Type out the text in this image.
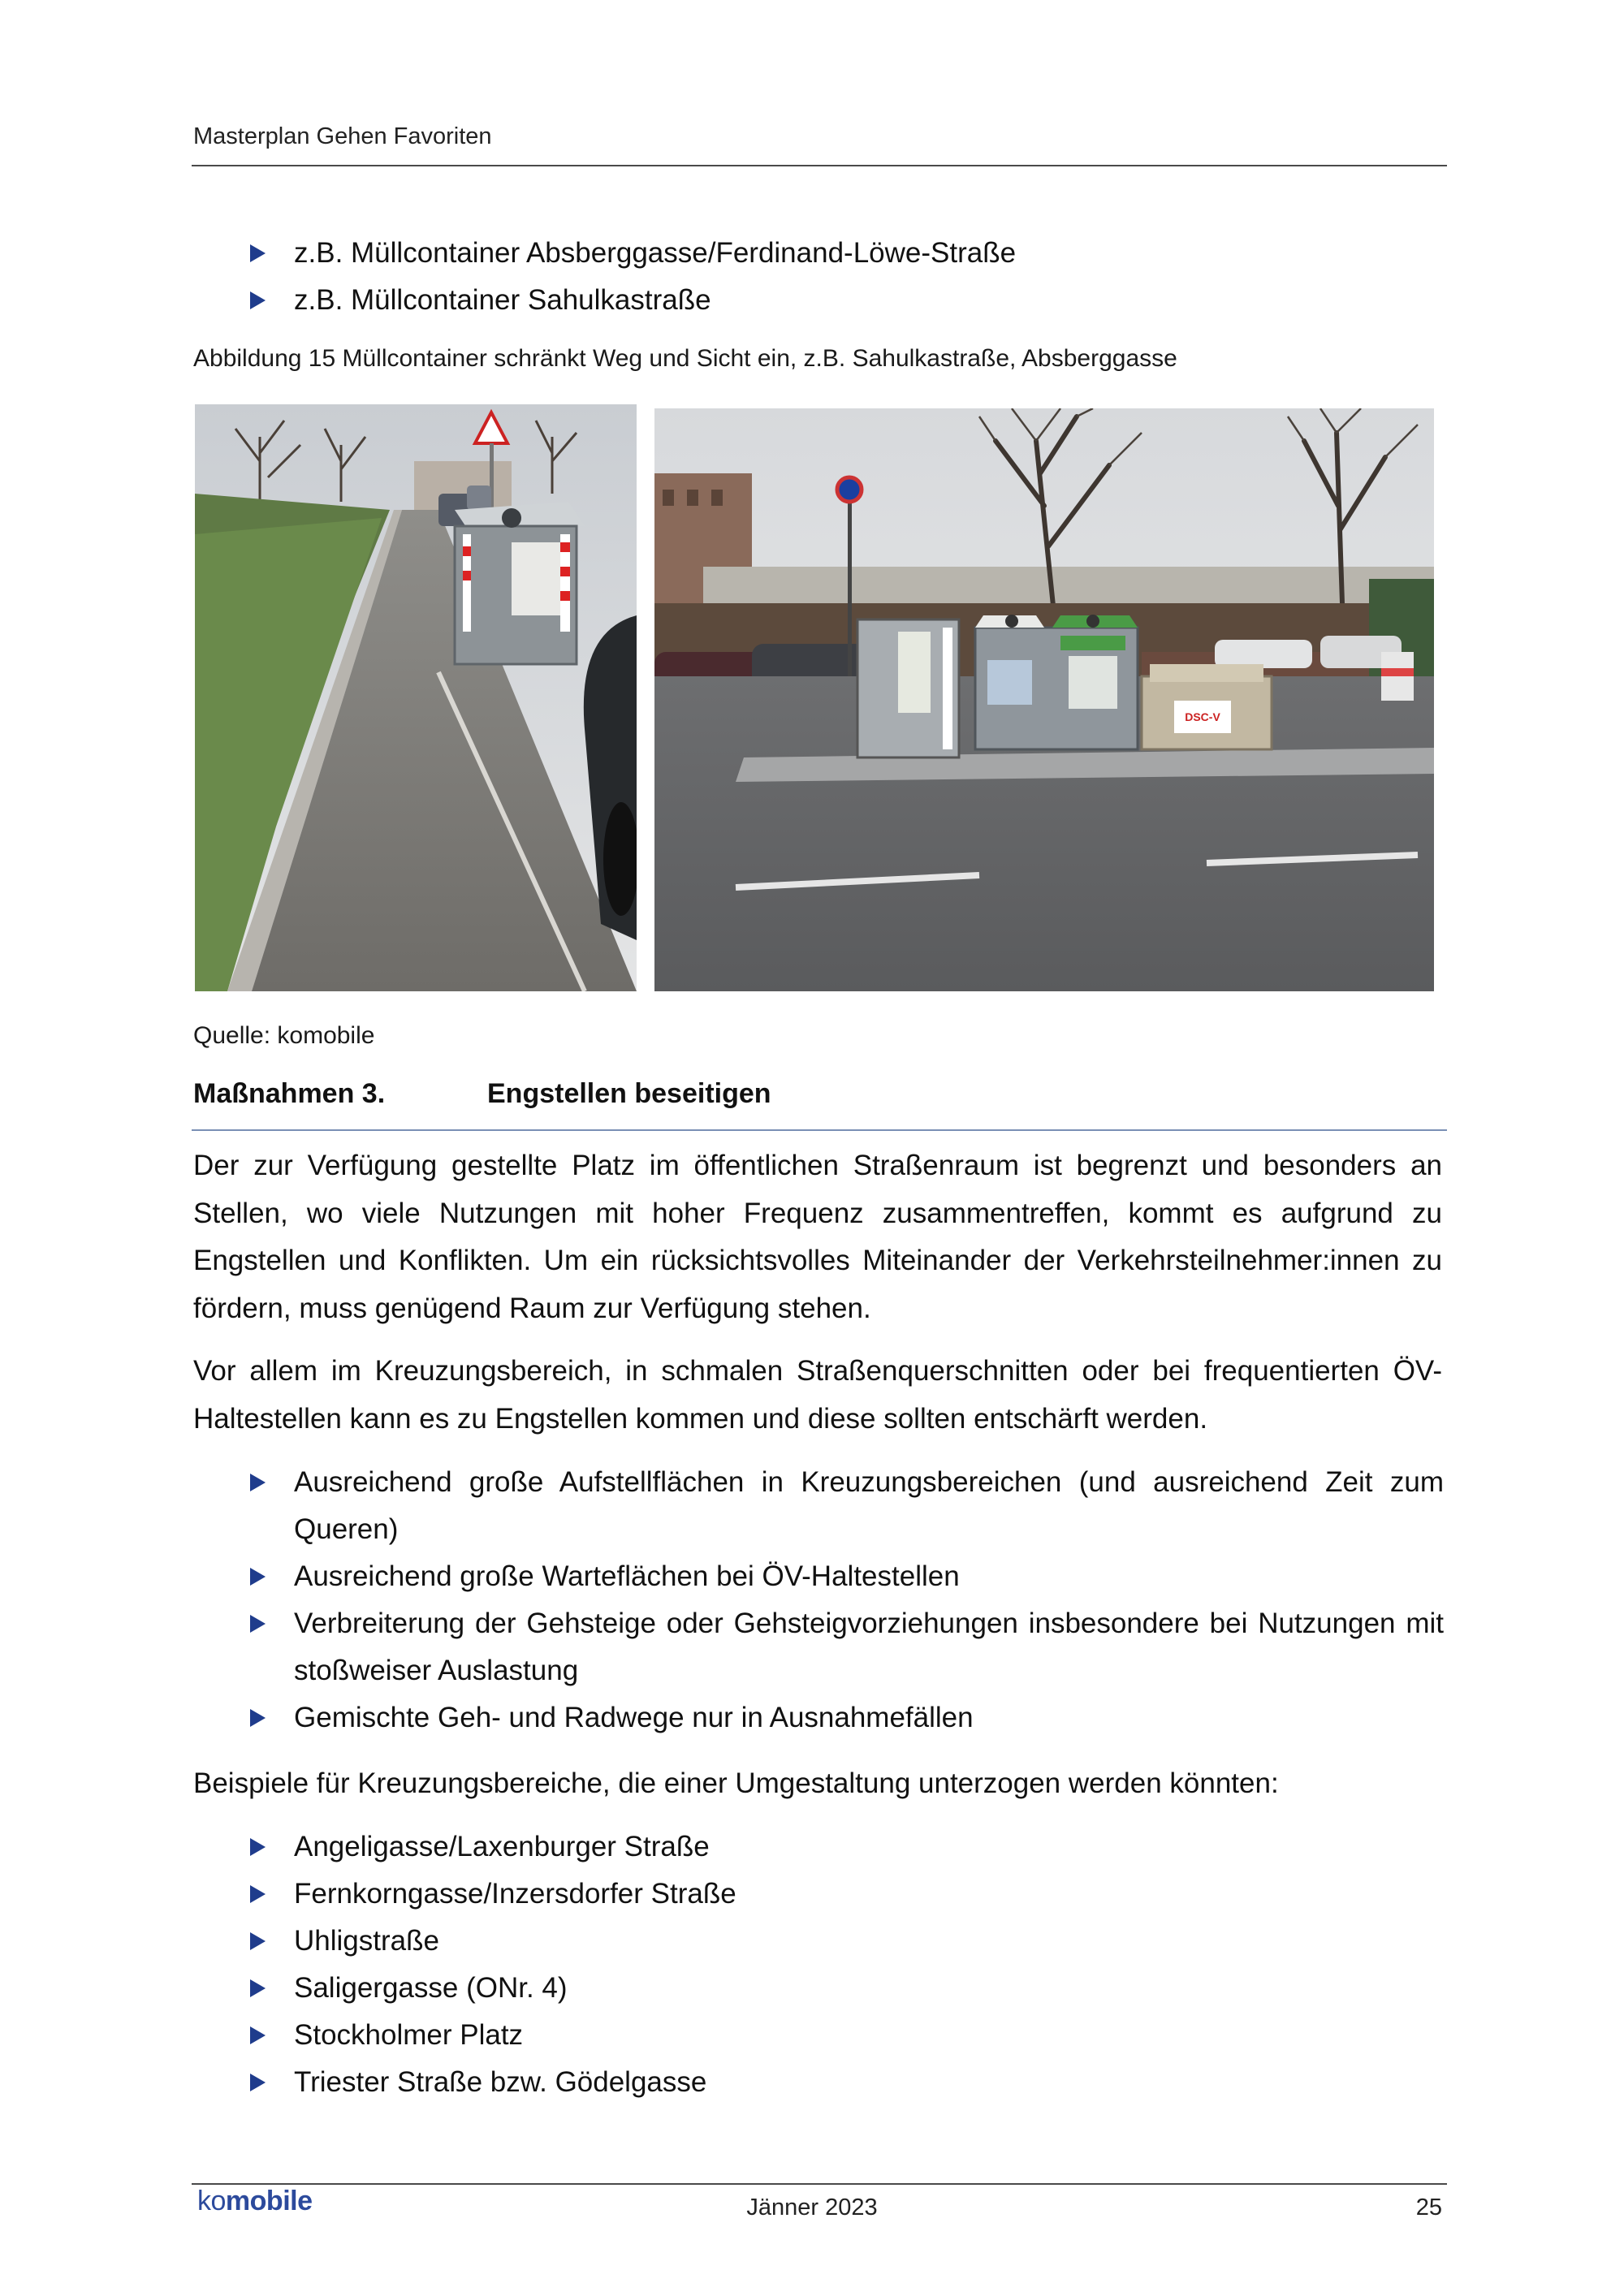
Masterplan Gehen Favoriten
z.B. Müllcontainer Absberggasse/Ferdinand-Löwe-Straße
z.B. Müllcontainer Sahulkastraße
Abbildung 15 Müllcontainer schränkt Weg und Sicht ein, z.B. Sahulkastraße, Absberggasse
DSC-V
Quelle: komobile
Maßnahmen 3.	Engstellen beseitigen

Der zur Verfügung gestellte Platz im öffentlichen Straßenraum ist begrenzt und besonders an Stellen, wo viele Nutzungen mit hoher Frequenz zusammentreffen, kommt es aufgrund zu Engstellen und Konflikten. Um ein rücksichtsvolles Miteinander der Verkehrsteilnehmer:innen zu fördern, muss genügend Raum zur Verfügung stehen.

Vor allem im Kreuzungsbereich, in schmalen Straßenquerschnitten oder bei frequentierten ÖV-Haltestellen kann es zu Engstellen kommen und diese sollten entschärft werden.

Ausreichend große Aufstellflächen in Kreuzungsbereichen (und ausreichend Zeit zum Queren)
Ausreichend große Warteflächen bei ÖV-Haltestellen
Verbreiterung der Gehsteige oder Gehsteigvorziehungen insbesondere bei Nutzungen mit stoßweiser Auslastung
Gemischte Geh- und Radwege nur in Ausnahmefällen

Beispiele für Kreuzungsbereiche, die einer Umgestaltung unterzogen werden könnten:

Angeligasse/Laxenburger Straße
Fernkorngasse/Inzersdorfer Straße
Uhligstraße
Saligergasse (ONr. 4)
Stockholmer Platz
Triester Straße bzw. Gödelgasse
komobile	Jänner 2023	25
